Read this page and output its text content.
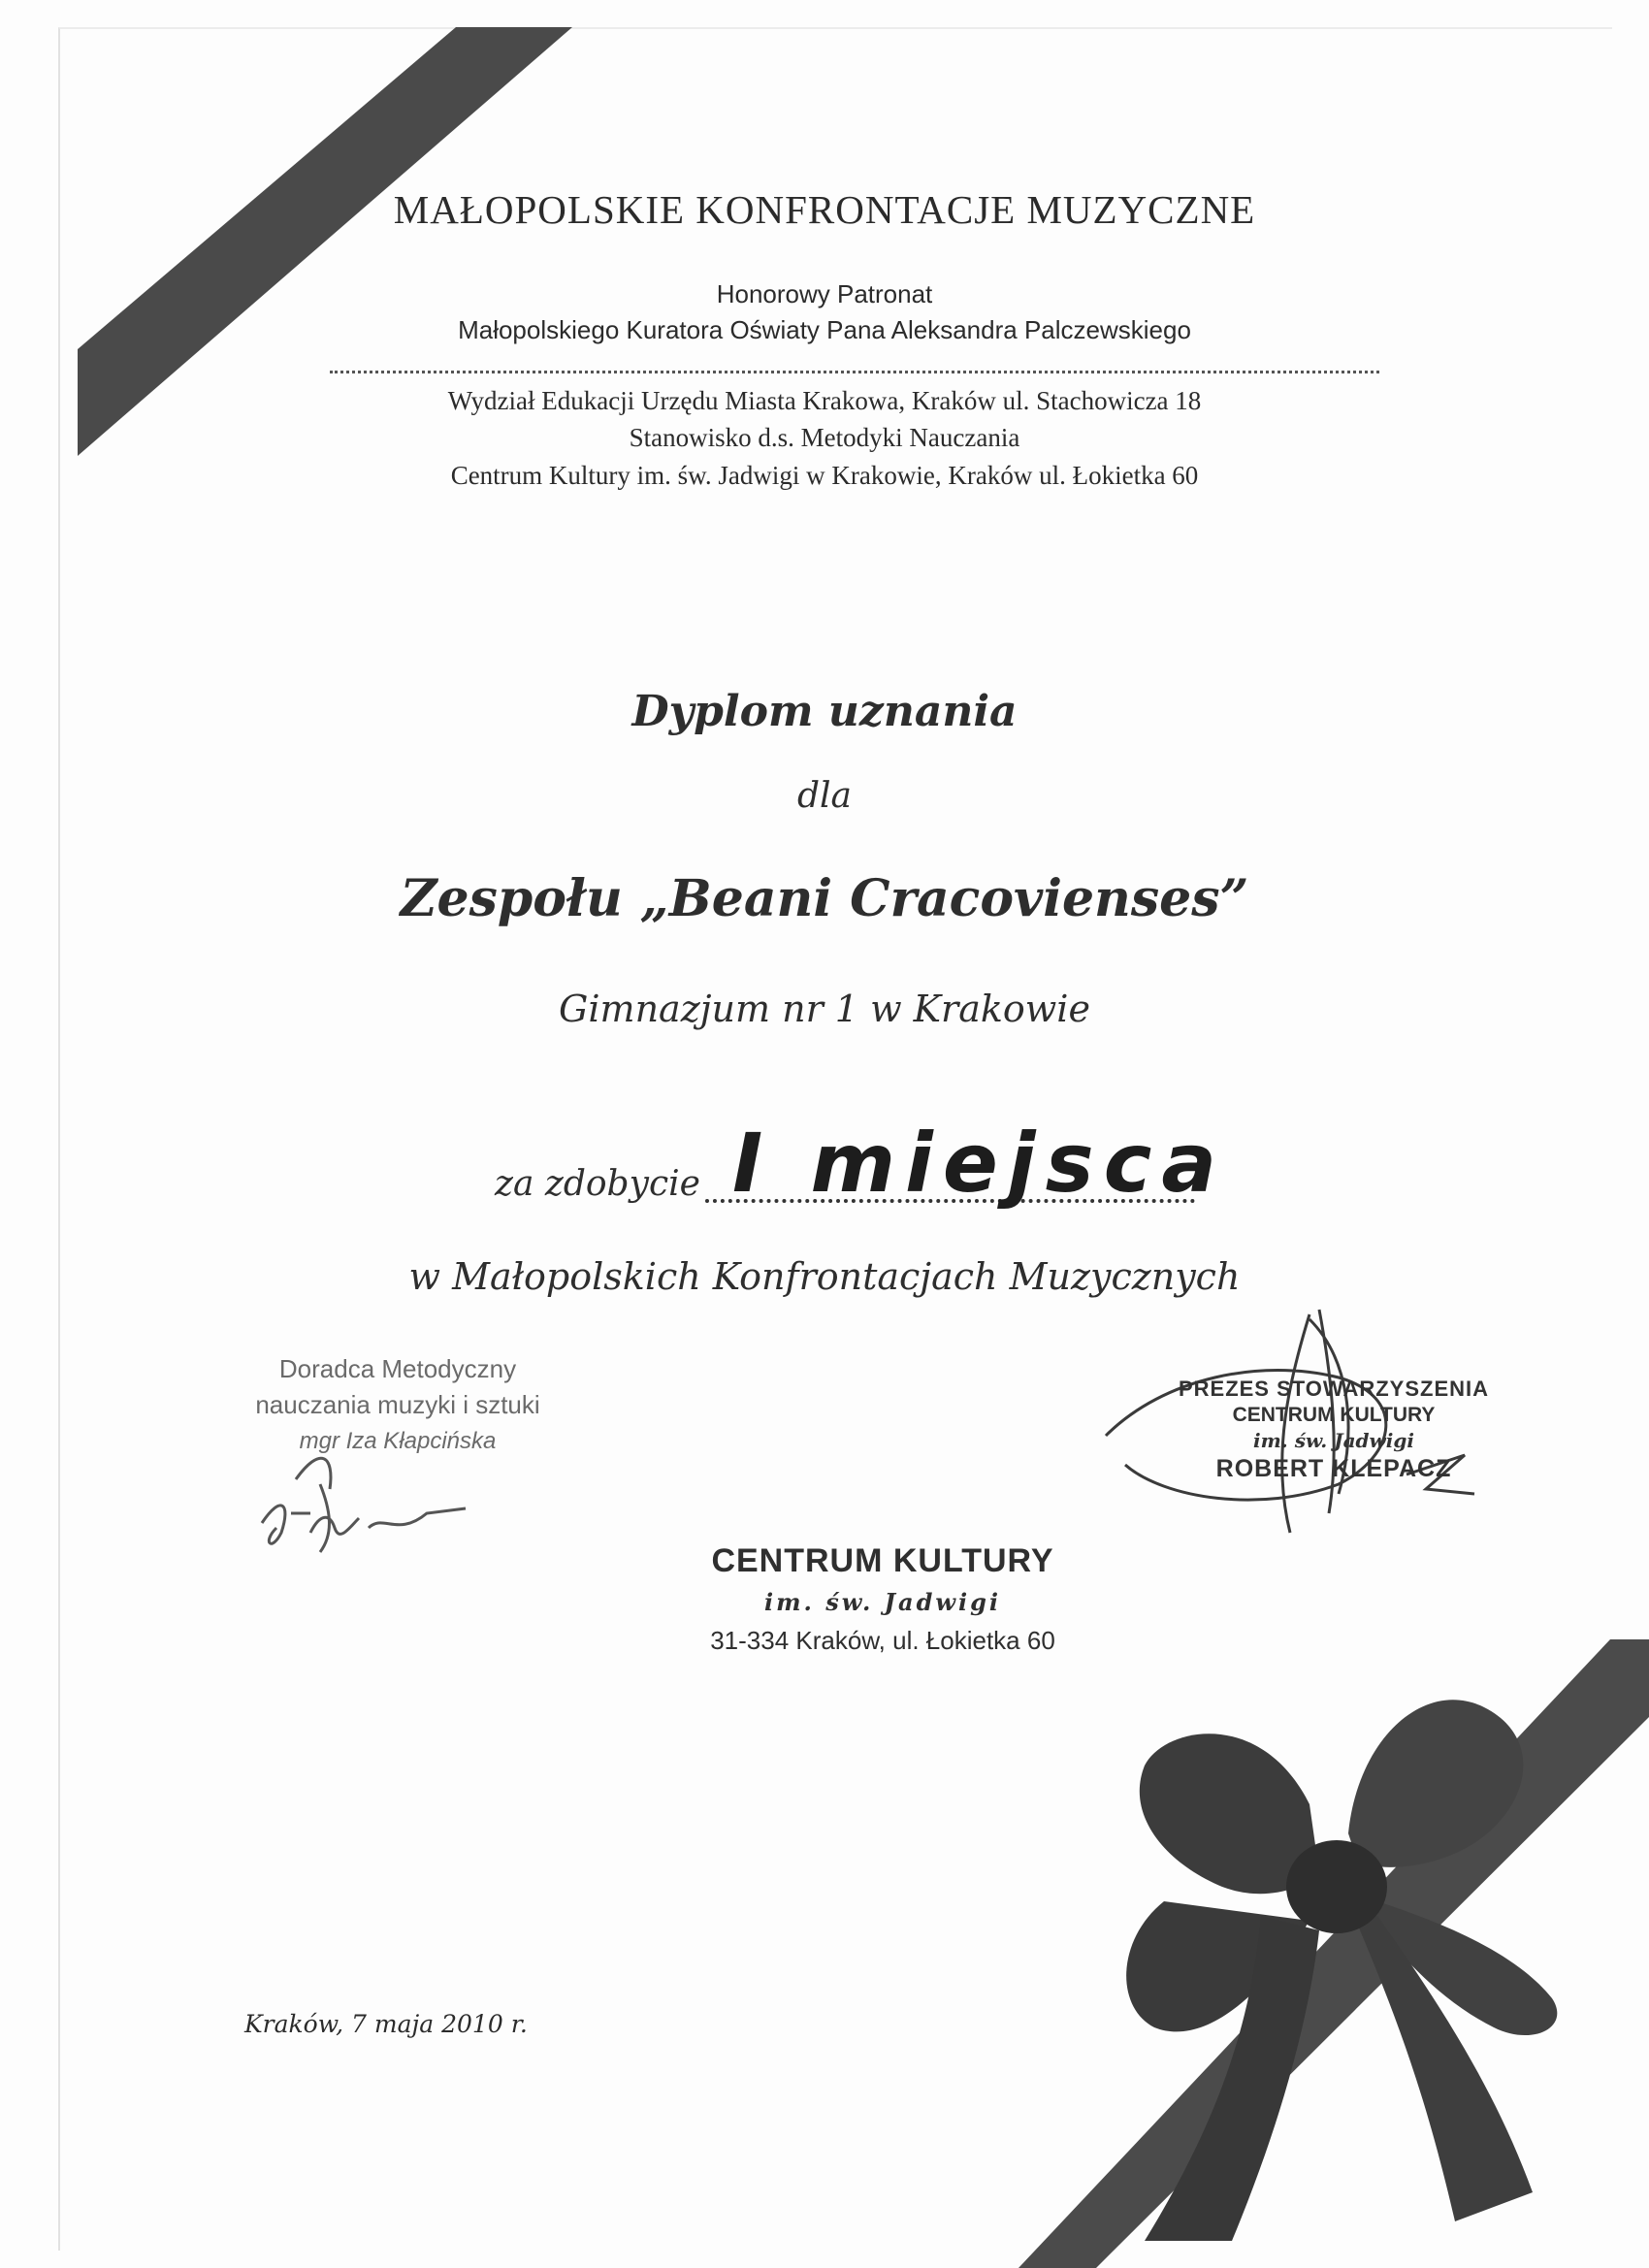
MAŁOPOLSKIE KONFRONTACJE MUZYCZNE
Honorowy Patronat
Małopolskiego Kuratora Oświaty Pana Aleksandra Palczewskiego
Wydział Edukacji Urzędu Miasta Krakowa, Kraków ul. Stachowicza 18
Stanowisko d.s. Metodyki Nauczania
Centrum Kultury im. św. Jadwigi w Krakowie, Kraków ul. Łokietka 60
Dyplom uznania
dla
Zespołu „Beani Cracovienses”
Gimnazjum nr 1 w Krakowie
za zdobycie I miejsca
w Małopolskich Konfrontacjach Muzycznych
Doradca Metodyczny
nauczania muzyki i sztuki
mgr Iza Kłapcińska
PREZES STOWARZYSZENIA
CENTRUM KULTURY
im. św. Jadwigi
ROBERT KLEPACZ
CENTRUM KULTURY
im. św. Jadwigi
31-334 Kraków, ul. Łokietka 60
Kraków, 7 maja 2010 r.
